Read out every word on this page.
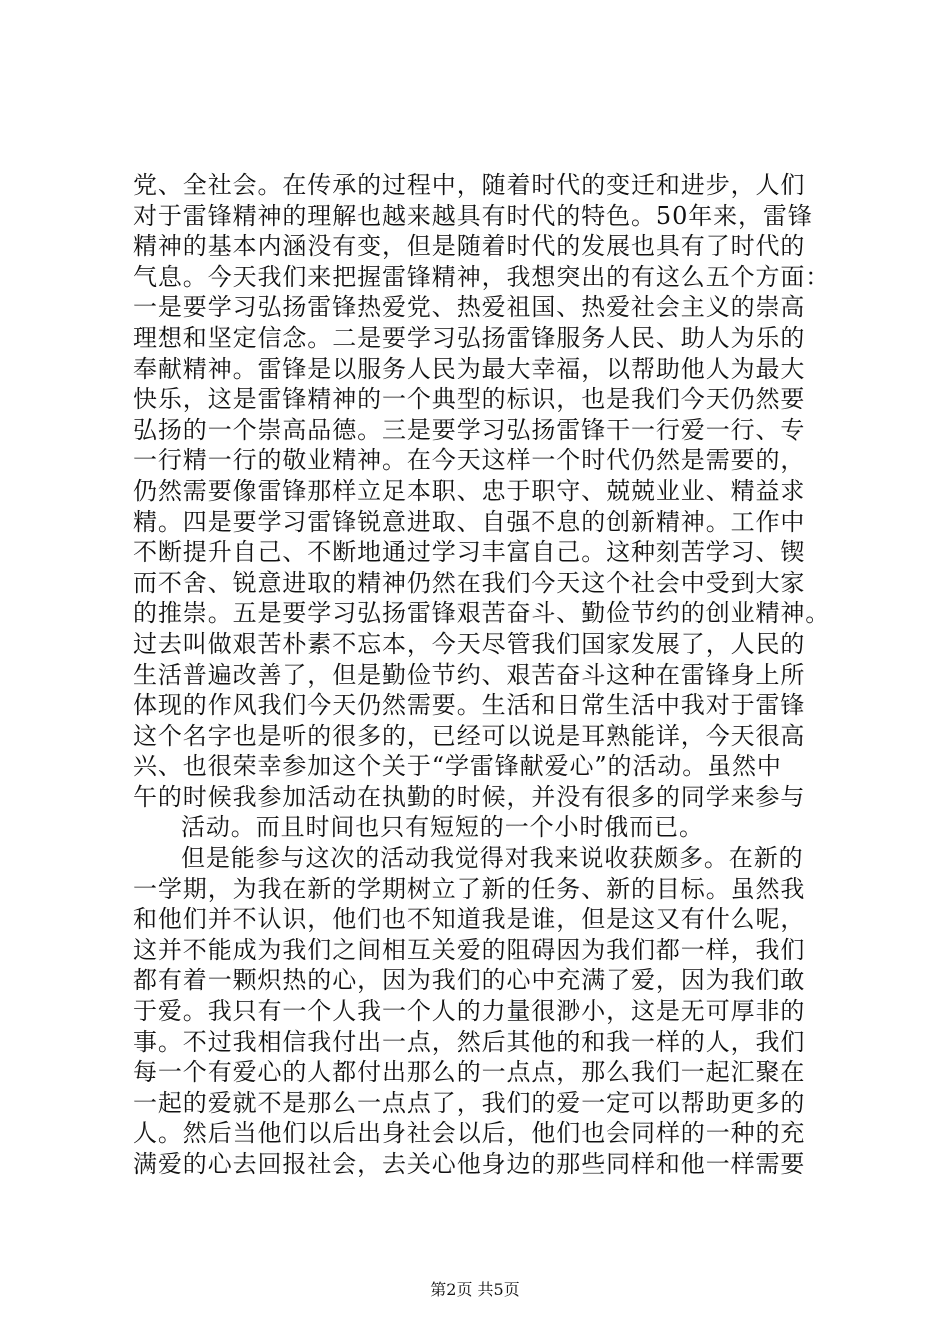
党、全社会。在传承的过程中，随着时代的变迁和进步，人们
对于雷锋精神的理解也越来越具有时代的特色。50年来，雷锋
精神的基本内涵没有变，但是随着时代的发展也具有了时代的
气息。今天我们来把握雷锋精神，我想突出的有这么五个方面：
一是要学习弘扬雷锋热爱党、热爱祖国、热爱社会主义的崇高
理想和坚定信念。二是要学习弘扬雷锋服务人民、助人为乐的
奉献精神。雷锋是以服务人民为最大幸福，以帮助他人为最大
快乐，这是雷锋精神的一个典型的标识，也是我们今天仍然要
弘扬的一个崇高品德。三是要学习弘扬雷锋干一行爱一行、专
一行精一行的敬业精神。在今天这样一个时代仍然是需要的，
仍然需要像雷锋那样立足本职、忠于职守、兢兢业业、精益求
精。四是要学习雷锋锐意进取、自强不息的创新精神。工作中
不断提升自己、不断地通过学习丰富自己。这种刻苦学习、锲
而不舍、锐意进取的精神仍然在我们今天这个社会中受到大家
的推崇。五是要学习弘扬雷锋艰苦奋斗、勤俭节约的创业精神。
过去叫做艰苦朴素不忘本，今天尽管我们国家发展了，人民的
生活普遍改善了，但是勤俭节约、艰苦奋斗这种在雷锋身上所
体现的作风我们今天仍然需要。生活和日常生活中我对于雷锋
这个名字也是听的很多的，已经可以说是耳熟能详，今天很高
兴、也很荣幸参加这个关于“学雷锋献爱心”的活动。虽然中
午的时候我参加活动在执勤的时候，并没有很多的同学来参与
活动。而且时间也只有短短的一个小时俄而已。
但是能参与这次的活动我觉得对我来说收获颇多。在新的
一学期，为我在新的学期树立了新的任务、新的目标。虽然我
和他们并不认识，他们也不知道我是谁，但是这又有什么呢，
这并不能成为我们之间相互关爱的阻碍因为我们都一样，我们
都有着一颗炽热的心，因为我们的心中充满了爱，因为我们敢
于爱。我只有一个人我一个人的力量很渺小，这是无可厚非的
事。不过我相信我付出一点，然后其他的和我一样的人，我们
每一个有爱心的人都付出那么的一点点，那么我们一起汇聚在
一起的爱就不是那么一点点了，我们的爱一定可以帮助更多的
人。然后当他们以后出身社会以后，他们也会同样的一种的充
满爱的心去回报社会，去关心他身边的那些同样和他一样需要
第2页 共5页
